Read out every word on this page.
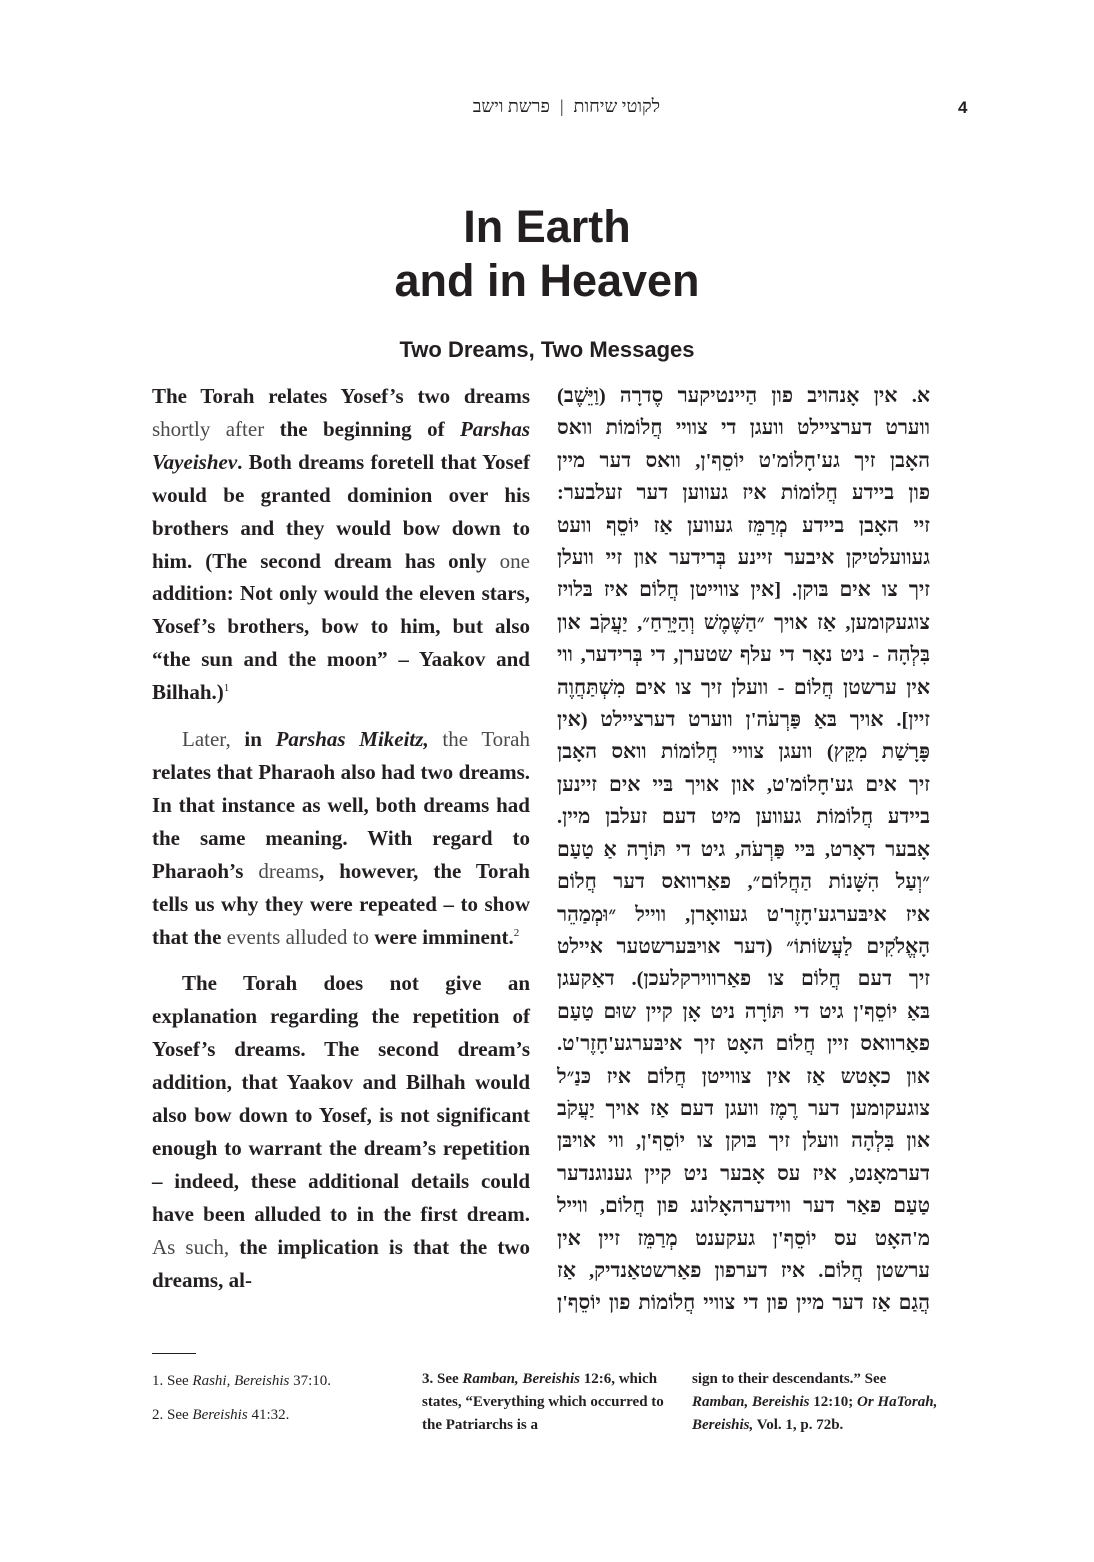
4
לקוטי שיחות|פרשת וישב
In Earth
and in Heaven
Two Dreams, Two Messages

The Torah relates Yosef’s two dreams shortly after the beginning of Parshas Vayeishev. Both dreams foretell that Yosef would be granted dominion over his brothers and they would bow down to him. (The second dream has only one addition: Not only would the eleven stars, Yosef’s brothers, bow to him, but also “the sun and the moon” – Yaakov and Bilhah.)$^1$

Later, in Parshas Mikeitz, the Torah relates that Pharaoh also had two dreams. In that instance as well, both dreams had the same meaning. With regard to Pharaoh’s dreams, however, the Torah tells us why they were repeated – to show that the events alluded to were imminent.$^2$

The Torah does not give an explanation regarding the repetition of Yosef’s dreams. The second dream’s addition, that Yaakov and Bilhah would also bow down to Yosef, is not significant enough to warrant the dream’s repetition – indeed, these additional details could have been alluded to in the first dream. As such, the implication is that the two dreams, al-

א. אין אָנהויב פון הַיינטיקער סֶדרָה (וַיֵּשֶׁב)
ווערט דערציילט וועגן די צוויי חֲלוֹמוֹת וואס
האָבן זיך גע'חָלוֹמ'ט יוֹסֵף'ן, וואס דער מיין
פון ביידע חֲלוֹמוֹת איז געווען דער זעלבער:
זיי האָבן ביידע מְרַמֵּז געווען אַז יוֹסֵף וועט
געוועלטיקן איבער זיינע בְּרידער און זיי וועלן
זיך צו אים בּוקן. [אין צווייטן חֲלוֹם איז בּלויז
צוגעקומען, אַז אויך ״הַשֶּׁמֶשׁ וְהַיָּרֵחַ״, יַעֲקֹב און
בִּלְהָה - ניט נאָר די עלף שטערן, די בְּרידער, ווי
אין ערשטן חֲלוֹם - וועלן זיך צו אים מִשְׁתַּחֲוֶה
זיין]. אויך בּאַ פַּרְעֹה'ן ווערט דערציילט (אין
פָּרָשַׁת מִקֵּץ) וועגן צוויי חֲלוֹמוֹת וואס האָבן
זיך אים גע'חָלוֹמ'ט, און אויך בּיי אים זיינען
ביידע חֲלוֹמוֹת געווען מיט דעם זעלבן מיין.
אָבער דאָרט, בּיי פַּרְעֹה, גיט די תּוֹרָה אַ טַעַם
״וְעַל הִשָּׁנוֹת הַחֲלוֹם״, פאַרוואס דער חֲלוֹם
איז איבּערגע'חָזֶר'ט געוואָרן, ווייל ״וּמְמַהֵר
הָאֱלֹקִים לַעֲשׂוֹתוֹ״ (דער אויבּערשטער איילט
זיך דעם חֲלוֹם צו פאַרווירקלעכן). דאַקעגן
בּאַ יוֹסֵף'ן גיט די תּוֹרָה ניט אָן קיין שוּם טַעַם
פאַרוואס זיין חֲלוֹם האָט זיך איבּערגע'חָזֶר'ט.
און כאָטש אַז אין צווייטן חֲלוֹם איז כּנַ״ל
צוגעקומען דער רֶמֶז וועגן דעם אַז אויך יַעֲקֹב
און בִּלְהָה וועלן זיך בּוקן צו יוֹסֵף'ן, ווי אויבּן
דערמאָנט, איז עס אָבער ניט קיין גענוגנדער
טַעַם פאַר דער ווידערהאָלונג פון חֲלוֹם, ווייל
מ'האָט עס יוֹסֵף'ן געקענט מְרַמֵּז זיין אין
ערשטן חֲלוֹם. איז דערפון פאַרשטאַנדיק, אַז
הֲגַם אַז דער מיין פון די צוויי חֲלוֹמוֹת פון יוֹסֵף'ן
1. See Rashi, Bereishis 37:10.
2. See Bereishis 41:32.
3. See Ramban, Bereishis 12:6, which states, “Everything which occurred to the Patriarchs is a
sign to their descendants.” See Ramban, Bereishis 12:10; Or HaTorah, Bereishis, Vol. 1, p. 72b.
